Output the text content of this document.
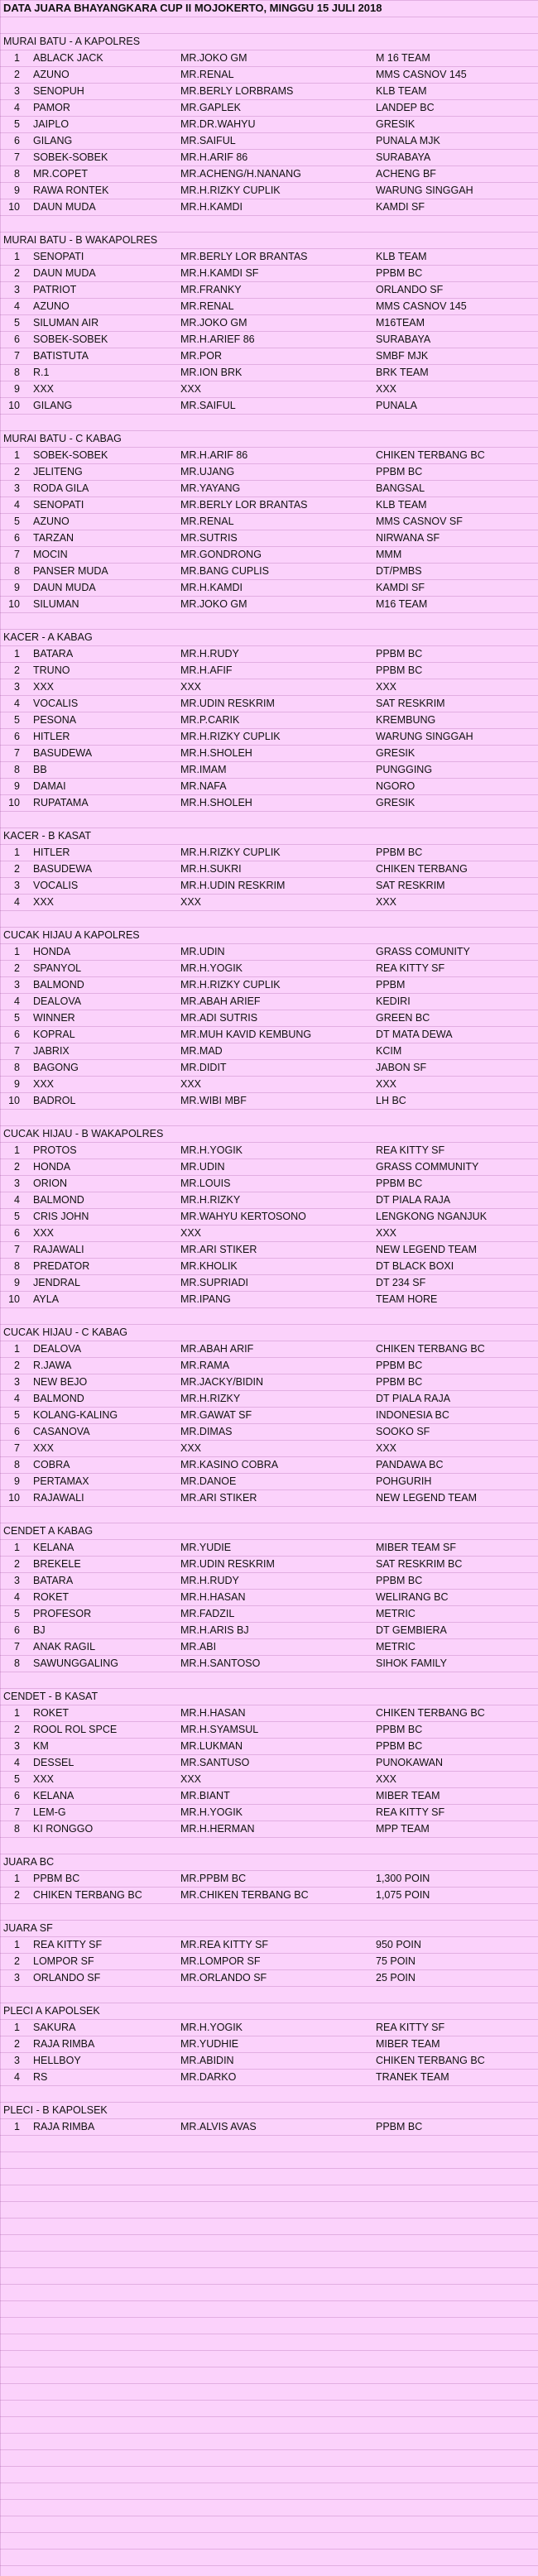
DATA JUARA BHAYANGKARA CUP II MOJOKERTO, MINGGU 15 JULI 2018
MURAI BATU - A KAPOLRES
1 ABLACK JACK	MR.JOKO GM	M 16 TEAM
2 AZUNO	MR.RENAL	MMS CASNOV 145
3 SENOPUH	MR.BERLY LORBRAMS	KLB TEAM
4 PAMOR	MR.GAPLEK	LANDEP BC
5 JAIPLO	MR.DR.WAHYU	GRESIK
6 GILANG	MR.SAIFUL	PUNALA MJK
7 SOBEK-SOBEK	MR.H.ARIF 86	SURABAYA
8 MR.COPET	MR.ACHENG/H.NANANG	ACHENG BF
9 RAWA RONTEK	MR.H.RIZKY CUPLIK	WARUNG SINGGAH
10 DAUN MUDA	MR.H.KAMDI	KAMDI SF
MURAI BATU - B WAKAPOLRES
1 SENOPATI	MR.BERLY LOR BRANTAS	KLB TEAM
2 DAUN MUDA	MR.H.KAMDI SF	PPBM BC
3 PATRIOT	MR.FRANKY	ORLANDO SF
4 AZUNO	MR.RENAL	MMS CASNOV 145
5 SILUMAN AIR	MR.JOKO GM	M16TEAM
6 SOBEK-SOBEK	MR.H.ARIEF 86	SURABAYA
7 BATISTUTA	MR.POR	SMBF MJK
8 R.1	MR.ION BRK	BRK TEAM
9 XXX	XXX	XXX
10 GILANG	MR.SAIFUL	PUNALA
MURAI BATU - C KABAG
1 SOBEK-SOBEK	MR.H.ARIF 86	CHIKEN TERBANG BC
2 JELITENG	MR.UJANG	PPBM BC
3 RODA GILA	MR.YAYANG	BANGSAL
4 SENOPATI	MR.BERLY LOR BRANTAS	KLB TEAM
5 AZUNO	MR.RENAL	MMS CASNOV SF
6 TARZAN	MR.SUTRIS	NIRWANA SF
7 MOCIN	MR.GONDRONG	MMM
8 PANSER MUDA	MR.BANG CUPLIS	DT/PMBS
9 DAUN MUDA	MR.H.KAMDI	KAMDI SF
10 SILUMAN	MR.JOKO GM	M16 TEAM
KACER - A KABAG
1 BATARA	MR.H.RUDY	PPBM BC
2 TRUNO	MR.H.AFIF	PPBM BC
3 XXX	XXX	XXX
4 VOCALIS	MR.UDIN RESKRIM	SAT RESKRIM
5 PESONA	MR.P.CARIK	KREMBUNG
6 HITLER	MR.H.RIZKY CUPLIK	WARUNG SINGGAH
7 BASUDEWA	MR.H.SHOLEH	GRESIK
8 BB	MR.IMAM	PUNGGING
9 DAMAI	MR.NAFA	NGORO
10 RUPATAMA	MR.H.SHOLEH	GRESIK
KACER - B KASAT
1 HITLER	MR.H.RIZKY CUPLIK	PPBM BC
2 BASUDEWA	MR.H.SUKRI	CHIKEN TERBANG
3 VOCALIS	MR.H.UDIN RESKRIM	SAT RESKRIM
4 XXX	XXX	XXX
CUCAK HIJAU A KAPOLRES
1 HONDA	MR.UDIN	GRASS COMUNITY
2 SPANYOL	MR.H.YOGIK	REA KITTY SF
3 BALMOND	MR.H.RIZKY CUPLIK	PPBM
4 DEALOVA	MR.ABAH ARIEF	KEDIRI
5 WINNER	MR.ADI SUTRIS	GREEN BC
6 KOPRAL	MR.MUH KAVID KEMBUNG	DT MATA DEWA
7 JABRIX	MR.MAD	KCIM
8 BAGONG	MR.DIDIT	JABON SF
9 XXX	XXX	XXX
10 BADROL	MR.WIBI MBF	LH BC
CUCAK HIJAU - B WAKAPOLRES
1 PROTOS	MR.H.YOGIK	REA KITTY SF
2 HONDA	MR.UDIN	GRASS COMMUNITY
3 ORION	MR.LOUIS	PPBM BC
4 BALMOND	MR.H.RIZKY	DT PIALA RAJA
5 CRIS JOHN	MR.WAHYU KERTOSONO	LENGKONG NGANJUK
6 XXX	XXX	XXX
7 RAJAWALI	MR.ARI STIKER	NEW LEGEND TEAM
8 PREDATOR	MR.KHOLIK	DT BLACK BOXI
9 JENDRAL	MR.SUPRIADI	DT 234 SF
10 AYLA	MR.IPANG	TEAM HORE
CUCAK HIJAU - C KABAG
1 DEALOVA	MR.ABAH ARIF	CHIKEN TERBANG BC
2 R.JAWA	MR.RAMA	PPBM BC
3 NEW BEJO	MR.JACKY/BIDIN	PPBM BC
4 BALMOND	MR.H.RIZKY	DT PIALA RAJA
5 KOLANG-KALING	MR.GAWAT SF	INDONESIA BC
6 CASANOVA	MR.DIMAS	SOOKO SF
7 XXX	XXX	XXX
8 COBRA	MR.KASINO COBRA	PANDAWA BC
9 PERTAMAX	MR.DANOE	POHGURIH
10 RAJAWALI	MR.ARI STIKER	NEW LEGEND TEAM
CENDET A KABAG
1 KELANA	MR.YUDIE	MIBER TEAM SF
2 BREKELE	MR.UDIN RESKRIM	SAT RESKRIM BC
3 BATARA	MR.H.RUDY	PPBM BC
4 ROKET	MR.H.HASAN	WELIRANG BC
5 PROFESOR	MR.FADZIL	METRIC
6 BJ	MR.H.ARIS BJ	DT GEMBIERA
7 ANAK RAGIL	MR.ABI	METRIC
8 SAWUNGGALING	MR.H.SANTOSO	SIHOK FAMILY
CENDET - B KASAT
1 ROKET	MR.H.HASAN	CHIKEN TERBANG BC
2 ROOL ROL SPCE	MR.H.SYAMSUL	PPBM BC
3 KM	MR.LUKMAN	PPBM BC
4 DESSEL	MR.SANTUSO	PUNOKAWAN
5 XXX	XXX	XXX
6 KELANA	MR.BIANT	MIBER TEAM
7 LEM-G	MR.H.YOGIK	REA KITTY SF
8 KI RONGGO	MR.H.HERMAN	MPP TEAM
JUARA BC
1 PPBM BC	MR.PPBM BC	1,300 POIN
2 CHIKEN TERBANG BC	MR.CHIKEN TERBANG BC	1,075 POIN
JUARA SF
1 REA KITTY SF	MR.REA KITTY SF	950 POIN
2 LOMPOR SF	MR.LOMPOR SF	75 POIN
3 ORLANDO SF	MR.ORLANDO SF	25 POIN
PLECI A KAPOLSEK
1 SAKURA	MR.H.YOGIK	REA KITTY SF
2 RAJA RIMBA	MR.YUDHIE	MIBER TEAM
3 HELLBOY	MR.ABIDIN	CHIKEN TERBANG BC
4 RS	MR.DARKO	TRANEK TEAM
PLECI - B KAPOLSEK
1 RAJA RIMBA	MR.ALVIS AVAS	PPBM BC
